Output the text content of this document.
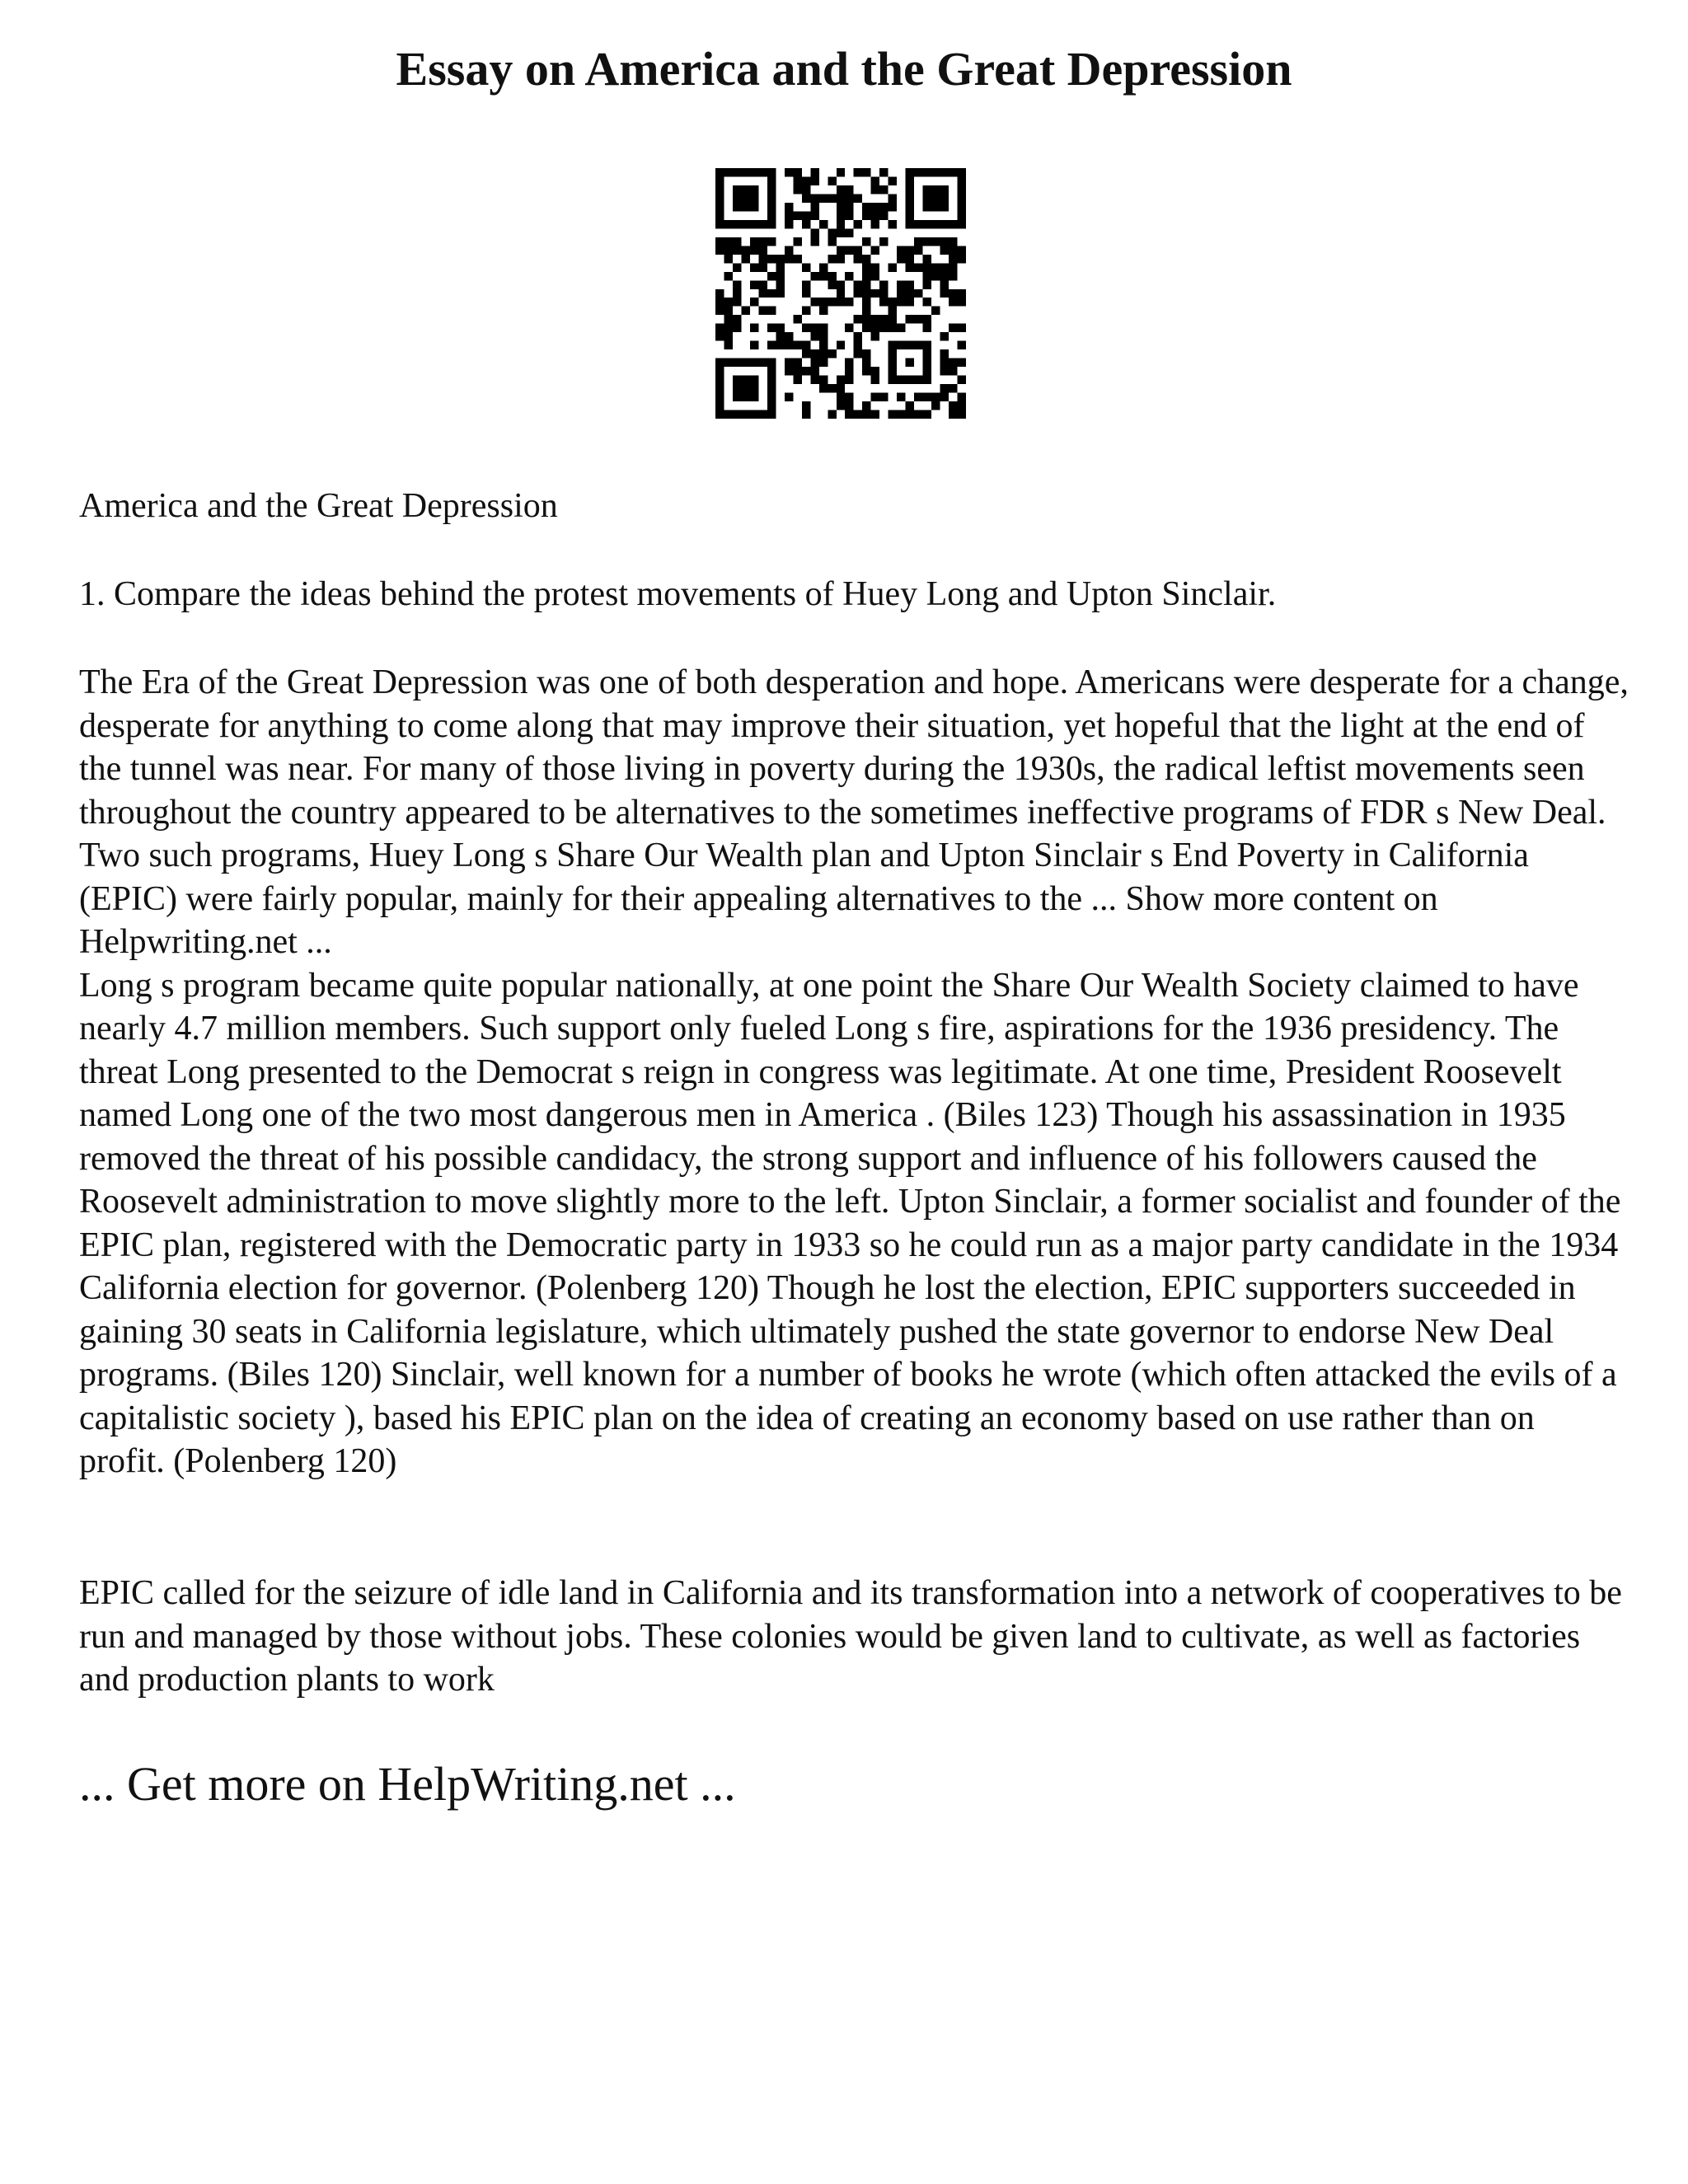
Essay on America and the Great Depression

America and the Great Depression

1. Compare the ideas behind the protest movements of Huey Long and Upton Sinclair.

The Era of the Great Depression was one of both desperation and hope. Americans were desperate for a change, desperate for anything to come along that may improve their situation, yet hopeful that the light at the end of the tunnel was near. For many of those living in poverty during the 1930s, the radical leftist movements seen throughout the country appeared to be alternatives to the sometimes ineffective programs of FDR s New Deal. Two such programs, Huey Long s Share Our Wealth plan and Upton Sinclair s End Poverty in California (EPIC) were fairly popular, mainly for their appealing alternatives to the ... Show more content on Helpwriting.net ...

Long s program became quite popular nationally, at one point the Share Our Wealth Society claimed to have nearly 4.7 million members. Such support only fueled Long s fire, aspirations for the 1936 presidency. The threat Long presented to the Democrat s reign in congress was legitimate. At one time, President Roosevelt named Long one of the two most dangerous men in America . (Biles 123) Though his assassination in 1935 removed the threat of his possible candidacy, the strong support and influence of his followers caused the Roosevelt administration to move slightly more to the left. Upton Sinclair, a former socialist and founder of the EPIC plan, registered with the Democratic party in 1933 so he could run as a major party candidate in the 1934 California election for governor. (Polenberg 120) Though he lost the election, EPIC supporters succeeded in gaining 30 seats in California legislature, which ultimately pushed the state governor to endorse New Deal programs. (Biles 120) Sinclair, well known for a number of books he wrote (which often attacked the evils of a capitalistic society ), based his EPIC plan on the idea of creating an economy based on use rather than on profit. (Polenberg 120)

EPIC called for the seizure of idle land in California and its transformation into a network of cooperatives to be run and managed by those without jobs. These colonies would be given land to cultivate, as well as factories and production plants to work

... Get more on HelpWriting.net ...
